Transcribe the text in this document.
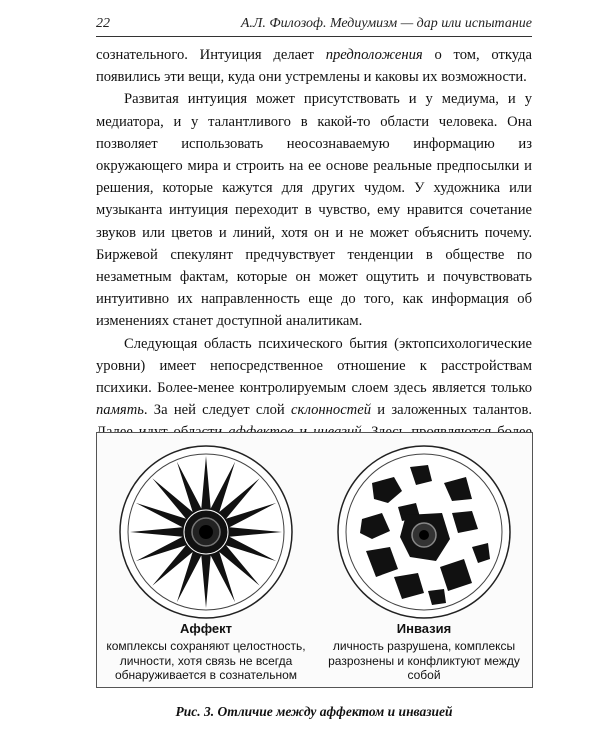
22	А.Л. Филозоф. Медиумизм — дар или испытание

сознательного. Интуиция делает предположения о том, откуда появились эти вещи, куда они устремлены и каковы их возможности.

Развитая интуиция может присутствовать и у медиума, и у медиатора, и у талантливого в какой-то области человека. Она позволяет использовать неосознаваемую информацию из окружающего мира и строить на ее основе реальные предпосылки и решения, которые кажутся для других чудом. У художника или музыканта интуиция переходит в чувство, ему нравится сочетание звуков или цветов и линий, хотя он и не может объяснить почему. Биржевой спекулянт предчувствует тенденции в обществе по незаметным фактам, которые он может ощутить и почувствовать интуитивно их направленность еще до того, как информация об изменениях станет доступной аналитикам.

Следующая область психического бытия (эктопсихологические уровни) имеет непосредственное отношение к расстройствам психики. Более-менее контролируемым слоем здесь является только память. За ней следует слой склонностей и заложенных талантов.

Аффект
комплексы сохраняют целостность, личности, хотя связь не всегда обнаруживается в сознательном
Инвазия
личность разрушена, комплексы разрознены и конфликтуют между собой
Рис. 3. Отличие между аффектом и инвазией
